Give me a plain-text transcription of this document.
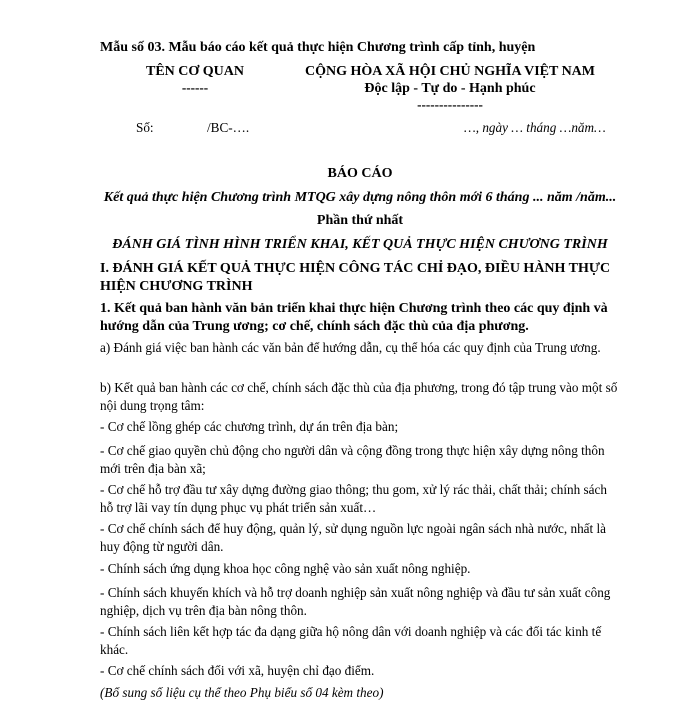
Mẫu số 03. Mẫu báo cáo kết quả thực hiện Chương trình cấp tỉnh, huyện
TÊN CƠ QUAN
------
CỘNG HÒA XÃ HỘI CHỦ NGHĨA VIỆT NAM
Độc lập - Tự do - Hạnh phúc
---------------
Số:	/BC-….	…, ngày … tháng …năm…
BÁO CÁO
Kết quả thực hiện Chương trình MTQG xây dựng nông thôn mới 6 tháng ... năm /năm...
Phần thứ nhất
ĐÁNH GIÁ TÌNH HÌNH TRIỂN KHAI, KẾT QUẢ THỰC HIỆN CHƯƠNG TRÌNH
I. ĐÁNH GIÁ KẾT QUẢ THỰC HIỆN CÔNG TÁC CHỈ ĐẠO, ĐIỀU HÀNH THỰC HIỆN CHƯƠNG TRÌNH
1. Kết quả ban hành văn bản triển khai thực hiện Chương trình theo các quy định và hướng dẫn của Trung ương; cơ chế, chính sách đặc thù của địa phương.
a) Đánh giá việc ban hành các văn bản để hướng dẫn, cụ thể hóa các quy định của Trung ương.
b) Kết quả ban hành các cơ chế, chính sách đặc thù của địa phương, trong đó tập trung vào một số nội dung trọng tâm:
- Cơ chế lồng ghép các chương trình, dự án trên địa bàn;
- Cơ chế giao quyền chủ động cho người dân và cộng đồng trong thực hiện xây dựng nông thôn mới trên địa bàn xã;
- Cơ chế hỗ trợ đầu tư xây dựng đường giao thông; thu gom, xử lý rác thải, chất thải; chính sách hỗ trợ lãi vay tín dụng phục vụ phát triển sản xuất…
- Cơ chế chính sách để huy động, quản lý, sử dụng nguồn lực ngoài ngân sách nhà nước, nhất là huy động từ người dân.
- Chính sách ứng dụng khoa học công nghệ vào sản xuất nông nghiệp.
- Chính sách khuyến khích và hỗ trợ doanh nghiệp sản xuất nông nghiệp và đầu tư sản xuất công nghiệp, dịch vụ trên địa bàn nông thôn.
- Chính sách liên kết hợp tác đa dạng giữa hộ nông dân với doanh nghiệp và các đối tác kinh tế khác.
- Cơ chế chính sách đối với xã, huyện chỉ đạo điểm.
(Bổ sung số liệu cụ thể theo Phụ biểu số 04 kèm theo)
